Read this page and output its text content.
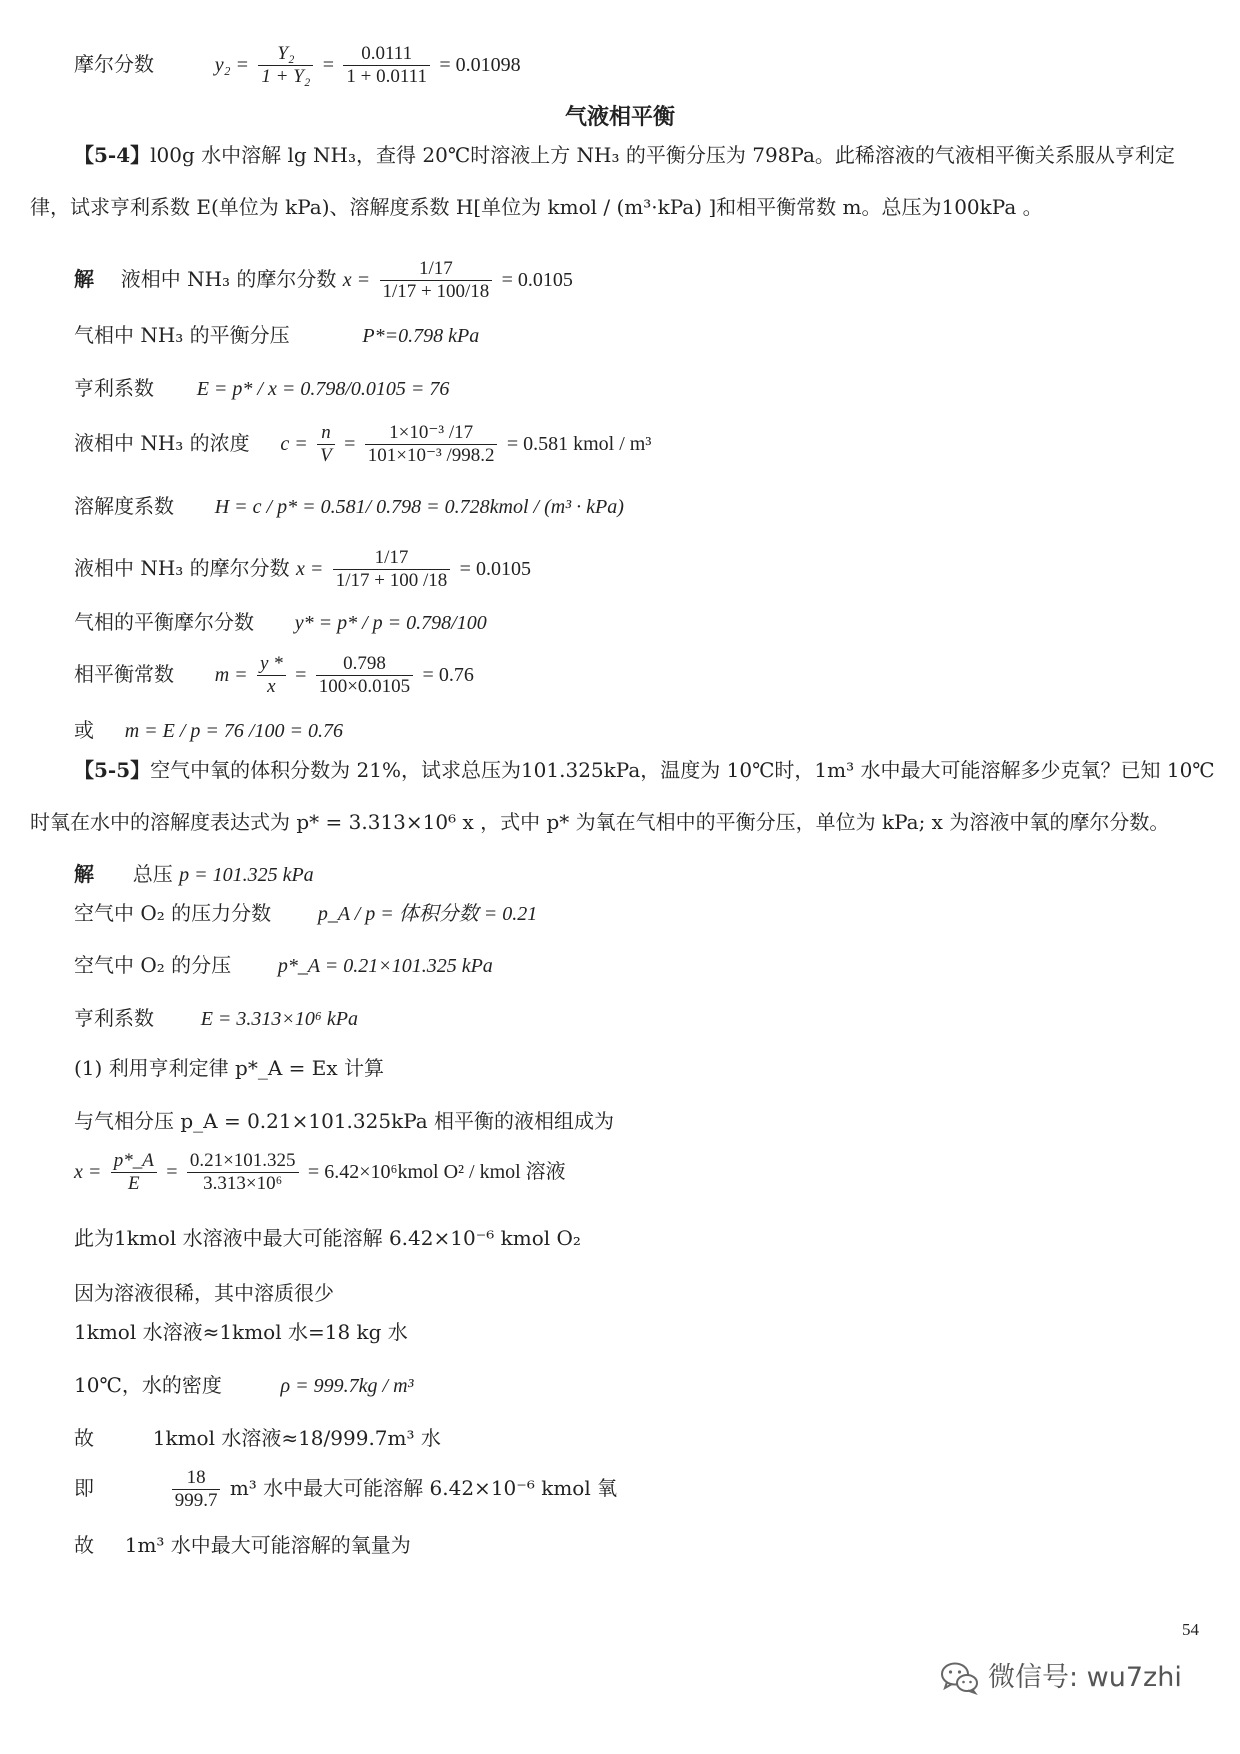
摩尔分数	$y_2 = \frac{\text{Y₂}}{\text{1 + Y₂}} = \frac{0.0111}{1 + 0.0111} = 0.01098$
气液相平衡
【5-4】l00g 水中溶解 lg NH₃，查得 20℃时溶液上方 NH₃ 的平衡分压为 798Pa。此稀溶液的气液相平衡关系服从亨利定
律，试求亨利系数 E(单位为 kPa)、溶解度系数 H[单位为 kmol / (m³·kPa) ]和相平衡常数 m。总压为100kPa 。
解 液相中 NH₃ 的摩尔分数 $x = \frac{1/17}{1/17 + 100/18} = 0.0105$
气相中 NH₃ 的平衡分压	P*=0.798 kPa
亨利系数 E = p* / x = 0.798/0.0105 = 76
液相中 NH₃ 的浓度 $c = \frac{n}{V} = \frac{\text{1×10⁻³ /17}}{\text{101×10⁻³ /998.2}} = 0.581$ kmol / m³
溶解度系数 H = c / p* = 0.581/ 0.798 = 0.728kmol / (m³ · kPa)
液相中 NH₃ 的摩尔分数 $x = \frac{1/17}{1/17 + 100 /18} = 0.0105$
气相的平衡摩尔分数 y* = p* / p = 0.798/100
相平衡常数 $m = \frac{y *}{x} = \frac{0.798}{100\times 0.0105} = 0.76$
或 m = E / p = 76 /100 = 0.76
【5-5】空气中氧的体积分数为 21%，试求总压为101.325kPa，温度为 10℃时，1m³ 水中最大可能溶解多少克氧？已知 10℃
时氧在水中的溶解度表达式为 p* = 3.313×10⁶ x ，式中 p* 为氧在气相中的平衡分压，单位为 kPa; x 为溶液中氧的摩尔分数。
解 总压 p = 101.325 kPa
空气中 O₂ 的压力分数 p_A / p = 体积分数 = 0.21
空气中 O₂ 的分压 p*_A = 0.21×101.325 kPa
亨利系数 E = 3.313×10⁶ kPa
(1) 利用亨利定律 p*_A = Ex 计算
与气相分压 p_A = 0.21×101.325kPa 相平衡的液相组成为
$x = \frac{p*\_A}{E} = \frac{0.21\times 101.325}{\text{3.313×10⁶}}$ = 6.42×10⁶kmol O² / kmol 溶液
此为1kmol 水溶液中最大可能溶解 6.42×10⁻⁶ kmol O₂
因为溶液很稀，其中溶质很少
1kmol 水溶液≈1kmol 水=18 kg 水
10℃，水的密度	ρ = 999.7kg / m³
故	1kmol 水溶液≈18/999.7m³ 水
即	$\frac{18}{999.7} m^3$ 水中最大可能溶解 6.42×10⁻⁶ kmol 氧
故 1m³ 水中最大可能溶解的氧量为
54
微信号: wu7zhi
